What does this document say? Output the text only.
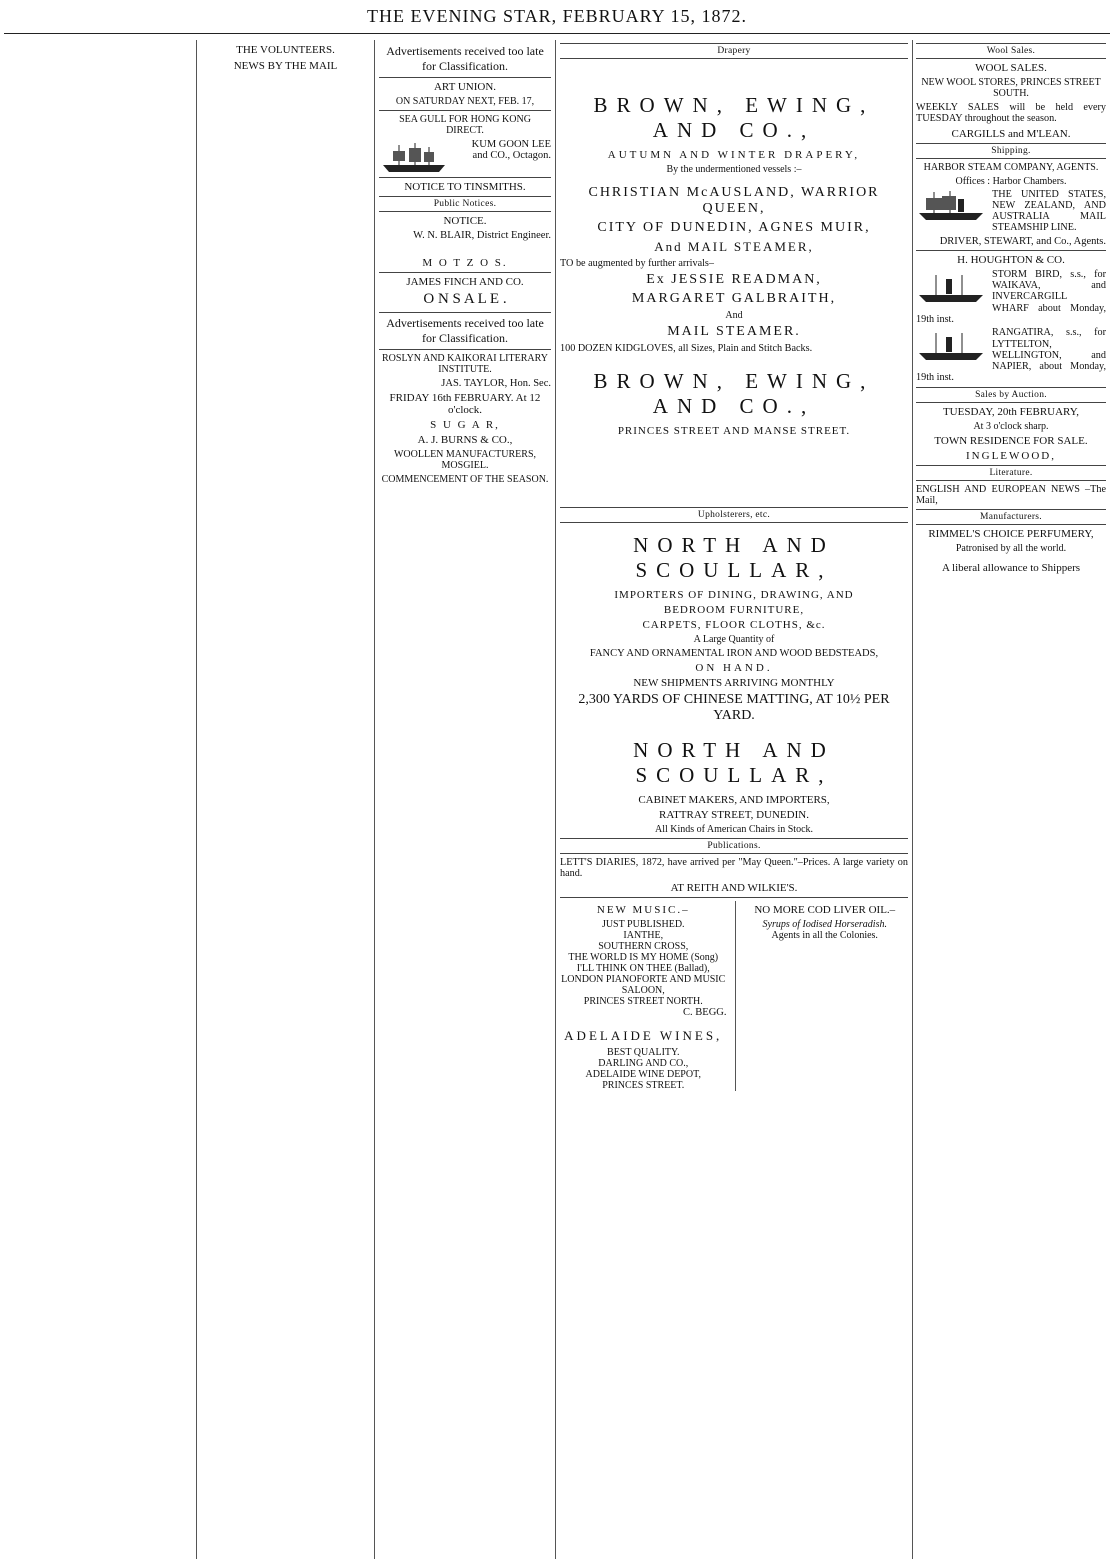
THE EVENING STAR, FEBRUARY 15, 1872.
THE VOLUNTEERS.
NEWS BY THE MAIL
Advertisements received too late for Classification.
ART UNION.
ON SATURDAY NEXT, FEB. 17,
SEA GULL FOR HONG KONG DIRECT.
KUM GOON LEE and CO., Octagon.
NOTICE TO TINSMITHS.
Public Notices.
NOTICE.
W. N. BLAIR, District Engineer.
M O T Z O S.
JAMES FINCH AND CO.
O N S A L E .
Advertisements received too late for Classification.
ROSLYN AND KAIKORAI LITERARY INSTITUTE.
JAS. TAYLOR, Hon. Sec.
FRIDAY 16th FEBRUARY. At 12 o'clock.
S U G A R,
A. J. BURNS & CO.,
WOOLLEN MANUFACTURERS, MOSGIEL.
COMMENCEMENT OF THE SEASON.
Drapery
BROWN, EWING, AND CO.,
AUTUMN AND WINTER DRAPERY,
By the undermentioned vessels :–
CHRISTIAN McAUSLAND, WARRIOR QUEEN,
CITY OF DUNEDIN, AGNES MUIR,
And MAIL STEAMER,
TO be augmented by further arrivals–
Ex JESSIE READMAN,
MARGARET GALBRAITH,
And
MAIL STEAMER.
100 DOZEN KIDGLOVES, all Sizes, Plain and Stitch Backs.
BROWN, EWING, AND CO.,
PRINCES STREET AND MANSE STREET.
Upholsterers, etc.
NORTH AND SCOULLAR,
IMPORTERS OF DINING, DRAWING, AND
BEDROOM FURNITURE,
CARPETS, FLOOR CLOTHS, &c.
A Large Quantity of
FANCY AND ORNAMENTAL IRON AND WOOD BEDSTEADS,
ON HAND.
NEW SHIPMENTS ARRIVING MONTHLY
2,300 YARDS OF CHINESE MATTING, AT 10½ PER YARD.
NORTH AND SCOULLAR,
CABINET MAKERS, AND IMPORTERS,
RATTRAY STREET, DUNEDIN.
All Kinds of American Chairs in Stock.
Publications.
LETT'S DIARIES, 1872, have arrived per "May Queen."–Prices. A large variety on hand.
AT REITH AND WILKIE'S.
NEW MUSIC.–
JUST PUBLISHED.
IANTHE,
SOUTHERN CROSS,
THE WORLD IS MY HOME (Song)
I'LL THINK ON THEE (Ballad),
LONDON PIANOFORTE AND MUSIC SALOON,
PRINCES STREET NORTH.
C. BEGG.
ADELAIDE WINES,
BEST QUALITY.
DARLING AND CO.,
ADELAIDE WINE DEPOT,
PRINCES STREET.
NO MORE COD LIVER OIL.–
Syrups of Iodised Horseradish.
Agents in all the Colonies.
Wool Sales.
WOOL SALES.
NEW WOOL STORES, PRINCES STREET SOUTH.
WEEKLY SALES will be held every TUESDAY throughout the season.
CARGILLS and M'LEAN.
Shipping.
HARBOR STEAM COMPANY, AGENTS.
Offices : Harbor Chambers.
THE UNITED STATES, NEW ZEALAND, AND AUSTRALIA MAIL STEAMSHIP LINE.
DRIVER, STEWART, and Co., Agents.
H. HOUGHTON & CO.
STORM BIRD, s.s., for WAIKAVA, and INVERCARGILL WHARF about Monday, 19th inst.
RANGATIRA, s.s., for LYTTELTON, WELLINGTON, and NAPIER, about Monday, 19th inst.
Sales by Auction.
TUESDAY, 20th FEBRUARY,
At 3 o'clock sharp.
TOWN RESIDENCE FOR SALE.
INGLEWOOD,
Literature.
ENGLISH AND EUROPEAN NEWS –The Mail,
Manufacturers.
RIMMEL'S CHOICE PERFUMERY,
Patronised by all the world.
A liberal allowance to Shippers
